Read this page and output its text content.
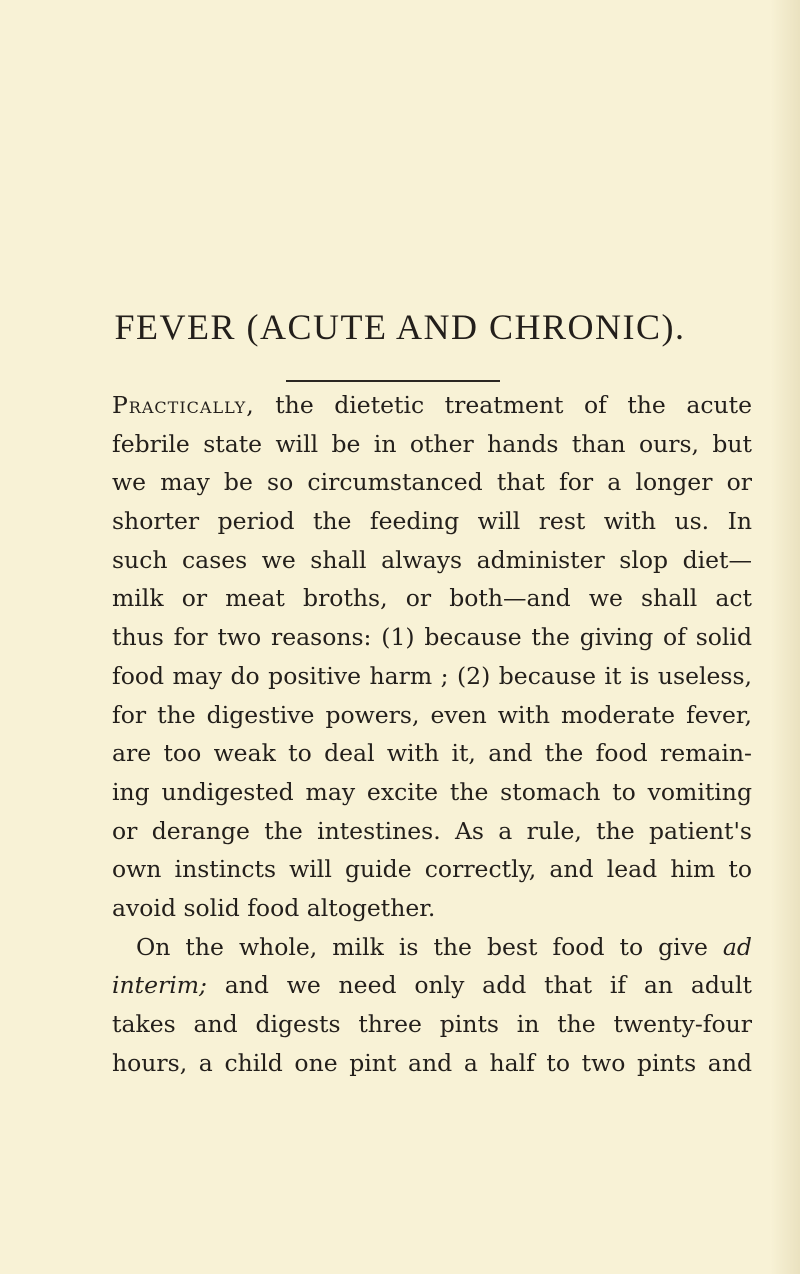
FEVER (ACUTE AND CHRONIC).
Practically, the dietetic treatment of the acute
febrile state will be in other hands than ours, but
we may be so circumstanced that for a longer or
shorter period the feeding will rest with us. In
such cases we shall always administer slop diet—
milk or meat broths, or both—and we shall act
thus for two reasons: (1) because the giving of solid
food may do positive harm ; (2) because it is useless,
for the digestive powers, even with moderate fever,
are too weak to deal with it, and the food remain-
ing undigested may excite the stomach to vomiting
or derange the intestines. As a rule, the patient's
own instincts will guide correctly, and lead him to
avoid solid food altogether.
On the whole, milk is the best food to give ad
interim; and we need only add that if an adult
takes and digests three pints in the twenty-four
hours, a child one pint and a half to two pints and
